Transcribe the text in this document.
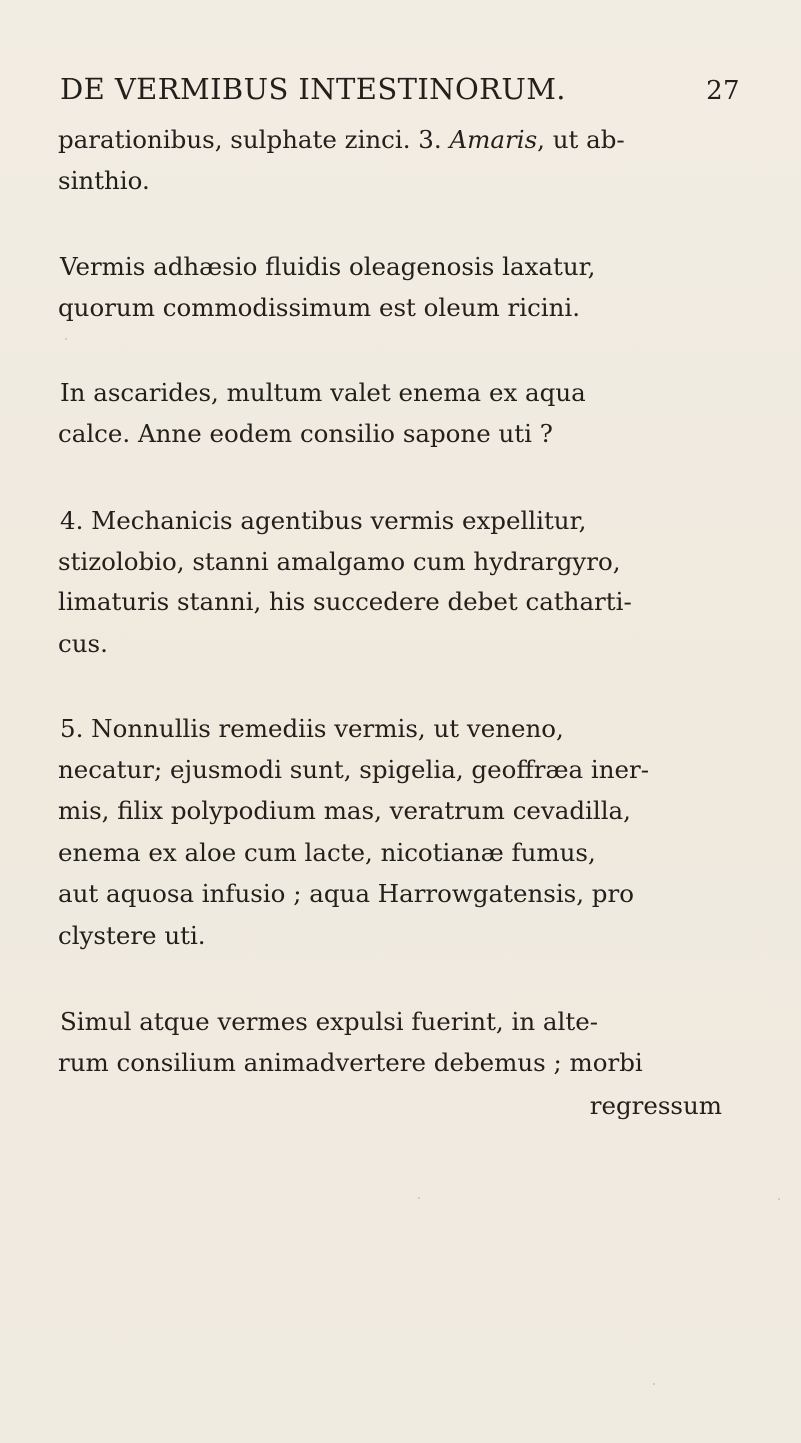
DE VERMIBUS INTESTINORUM.	27
parationibus, sulphate zinci. 3. Amaris, ut ab-
sinthio.
Vermis adhæsio fluidis oleagenosis laxatur,
quorum commodissimum est oleum ricini.
In ascarides, multum valet enema ex aqua
calce. Anne eodem consilio sapone uti ?
4. Mechanicis agentibus vermis expellitur,
stizolobio, stanni amalgamo cum hydrargyro,
limaturis stanni, his succedere debet catharti-
cus.
5. Nonnullis remediis vermis, ut veneno,
necatur; ejusmodi sunt, spigelia, geoffræa iner-
mis, filix polypodium mas, veratrum cevadilla,
enema ex aloe cum lacte, nicotianæ fumus,
aut aquosa infusio ; aqua Harrowgatensis, pro
clystere uti.
Simul atque vermes expulsi fuerint, in alte-
rum consilium animadvertere debemus ; morbi
regressum
